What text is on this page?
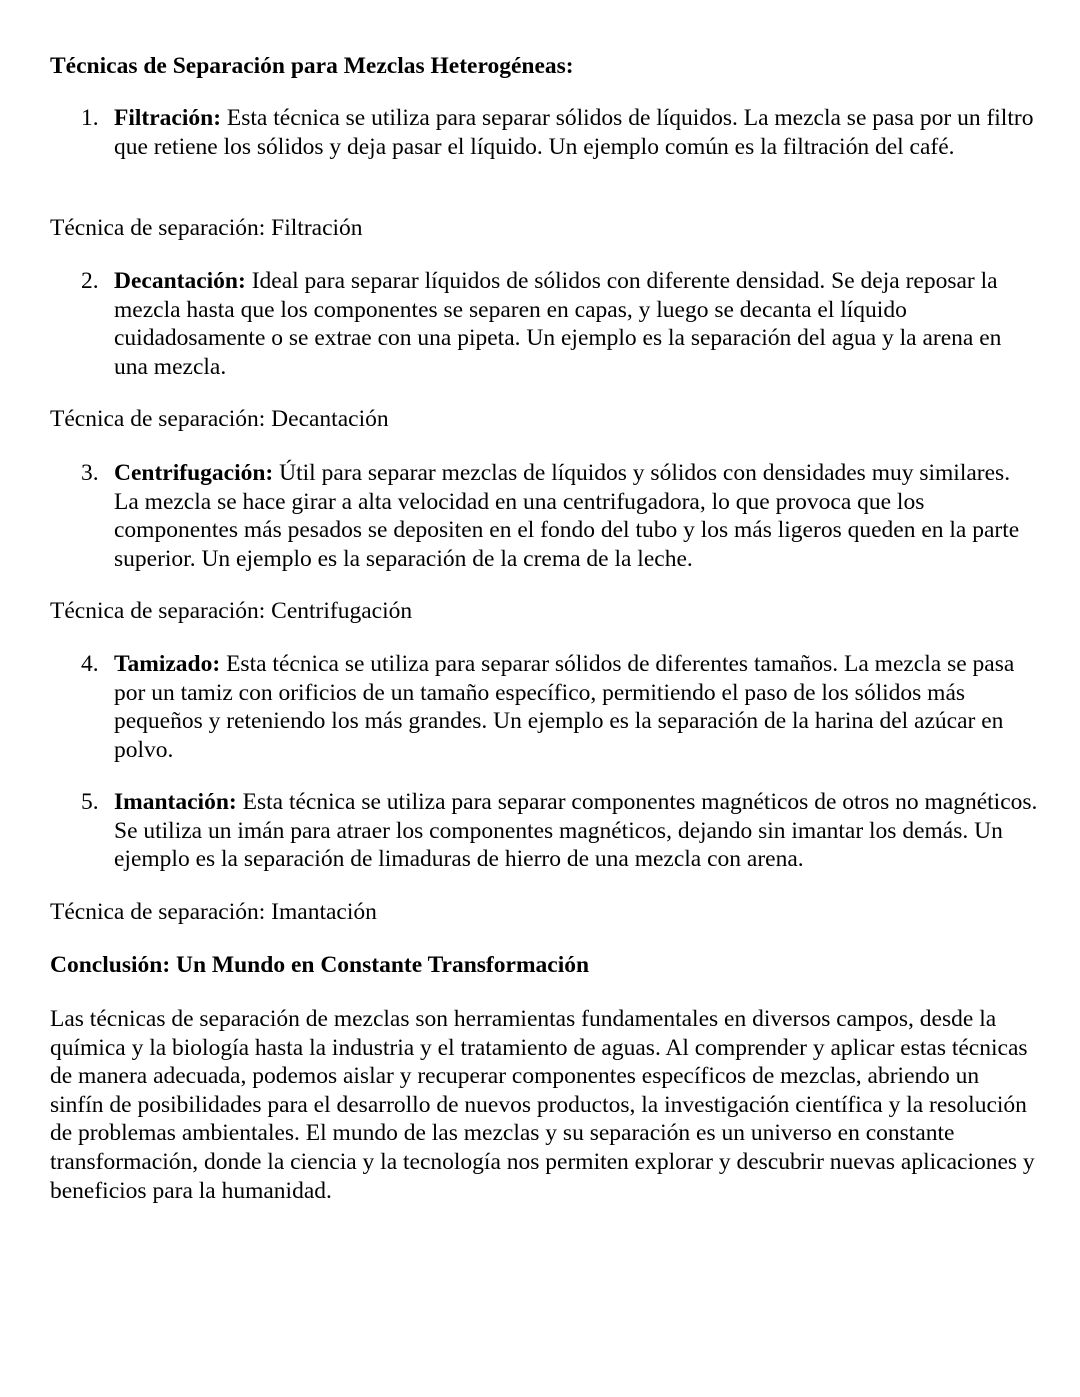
Técnicas de Separación para Mezclas Heterogéneas:
1. Filtración: Esta técnica se utiliza para separar sólidos de líquidos. La mezcla se pasa por un filtro que retiene los sólidos y deja pasar el líquido. Un ejemplo común es la filtración del café.
Técnica de separación: Filtración
2. Decantación: Ideal para separar líquidos de sólidos con diferente densidad. Se deja reposar la mezcla hasta que los componentes se separen en capas, y luego se decanta el líquido cuidadosamente o se extrae con una pipeta. Un ejemplo es la separación del agua y la arena en una mezcla.
Técnica de separación: Decantación
3. Centrifugación: Útil para separar mezclas de líquidos y sólidos con densidades muy similares. La mezcla se hace girar a alta velocidad en una centrifugadora, lo que provoca que los componentes más pesados se depositen en el fondo del tubo y los más ligeros queden en la parte superior. Un ejemplo es la separación de la crema de la leche.
Técnica de separación: Centrifugación
4. Tamizado: Esta técnica se utiliza para separar sólidos de diferentes tamaños. La mezcla se pasa por un tamiz con orificios de un tamaño específico, permitiendo el paso de los sólidos más pequeños y reteniendo los más grandes. Un ejemplo es la separación de la harina del azúcar en polvo.
5. Imantación: Esta técnica se utiliza para separar componentes magnéticos de otros no magnéticos. Se utiliza un imán para atraer los componentes magnéticos, dejando sin imantar los demás. Un ejemplo es la separación de limaduras de hierro de una mezcla con arena.
Técnica de separación: Imantación
Conclusión: Un Mundo en Constante Transformación
Las técnicas de separación de mezclas son herramientas fundamentales en diversos campos, desde la química y la biología hasta la industria y el tratamiento de aguas. Al comprender y aplicar estas técnicas de manera adecuada, podemos aislar y recuperar componentes específicos de mezclas, abriendo un sinfín de posibilidades para el desarrollo de nuevos productos, la investigación científica y la resolución de problemas ambientales. El mundo de las mezclas y su separación es un universo en constante transformación, donde la ciencia y la tecnología nos permiten explorar y descubrir nuevas aplicaciones y beneficios para la humanidad.
